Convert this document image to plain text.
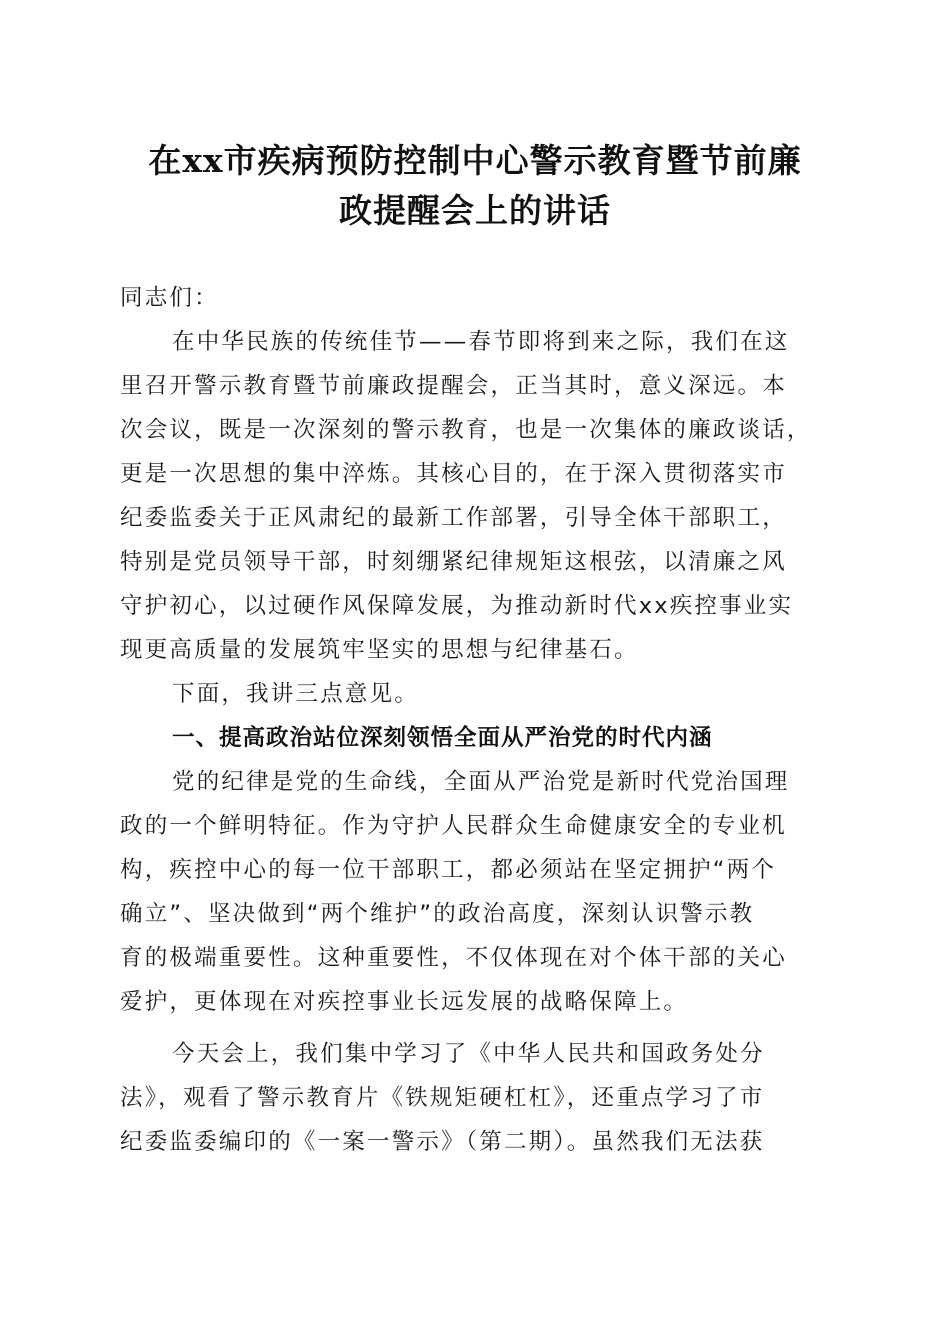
在xx市疾病预防控制中心警示教育暨节前廉
政提醒会上的讲话
同志们：
在中华民族的传统佳节——春节即将到来之际，我们在这
里召开警示教育暨节前廉政提醒会，正当其时，意义深远。本
次会议，既是一次深刻的警示教育，也是一次集体的廉政谈话，
更是一次思想的集中淬炼。其核心目的，在于深入贯彻落实市
纪委监委关于正风肃纪的最新工作部署，引导全体干部职工，
特别是党员领导干部，时刻绷紧纪律规矩这根弦，以清廉之风
守护初心，以过硬作风保障发展，为推动新时代xx疾控事业实
现更高质量的发展筑牢坚实的思想与纪律基石。
下面，我讲三点意见。
一、提高政治站位深刻领悟全面从严治党的时代内涵
党的纪律是党的生命线，全面从严治党是新时代党治国理
政的一个鲜明特征。作为守护人民群众生命健康安全的专业机
构，疾控中心的每一位干部职工，都必须站在坚定拥护“两个
确立”、坚决做到“两个维护”的政治高度，深刻认识警示教
育的极端重要性。这种重要性，不仅体现在对个体干部的关心
爱护，更体现在对疾控事业长远发展的战略保障上。
今天会上，我们集中学习了《中华人民共和国政务处分
法》，观看了警示教育片《铁规矩硬杠杠》，还重点学习了市
纪委监委编印的《一案一警示》（第二期）。虽然我们无法获
